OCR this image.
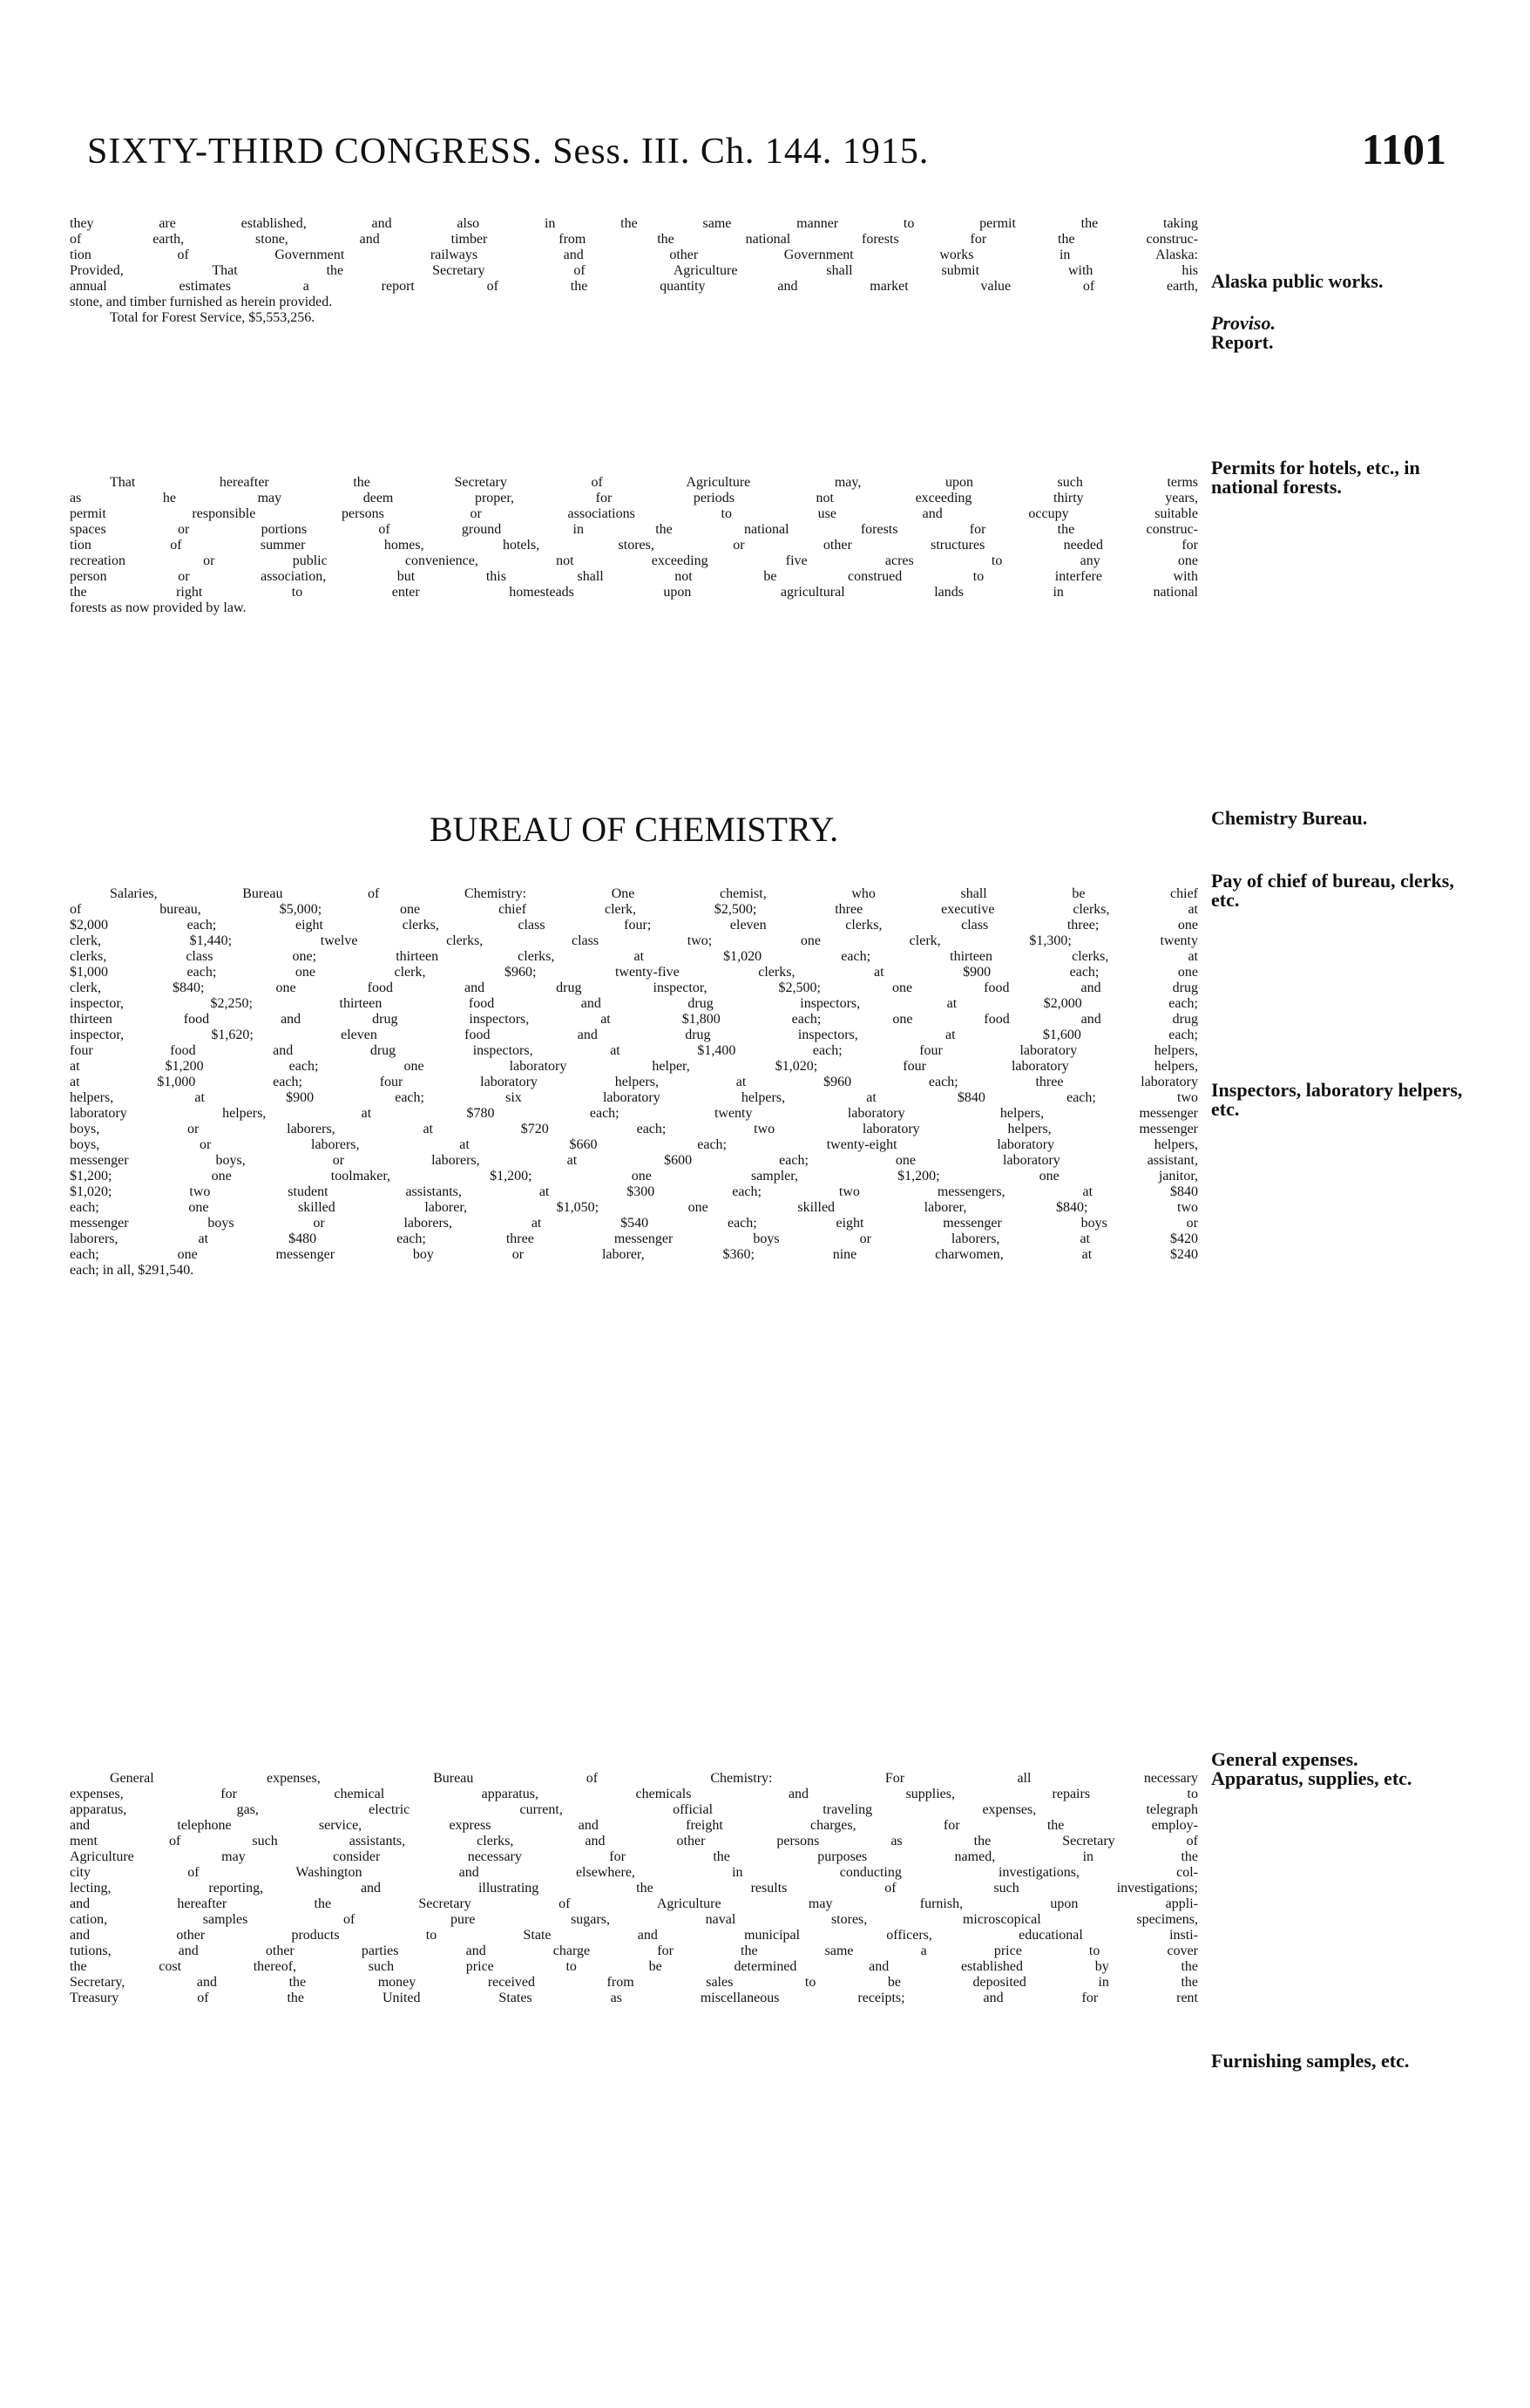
SIXTY-THIRD CONGRESS. Sess. III. Ch. 144. 1915.	1101

they are established, and also in the same manner to permit the taking

of earth, stone, and timber from the national forests for the construc-

tion of Government railways and other Government works in Alaska:

Provided, That the Secretary of Agriculture shall submit with his

annual estimates a report of the quantity and market value of earth,

stone, and timber furnished as herein provided.

Total for Forest Service, $5,553,256.

That hereafter the Secretary of Agriculture may, upon such terms

as he may deem proper, for periods not exceeding thirty years,

permit responsible persons or associations to use and occupy suitable

spaces or portions of ground in the national forests for the construc-

tion of summer homes, hotels, stores, or other structures needed for

recreation or public convenience, not exceeding five acres to any one

person or association, but this shall not be construed to interfere with

the right to enter homesteads upon agricultural lands in national

forests as now provided by law.

BUREAU OF CHEMISTRY.

Salaries, Bureau of Chemistry: One chemist, who shall be chief

of bureau, $5,000; one chief clerk, $2,500; three executive clerks, at

$2,000 each; eight clerks, class four; eleven clerks, class three; one

clerk, $1,440; twelve clerks, class two; one clerk, $1,300; twenty

clerks, class one; thirteen clerks, at $1,020 each; thirteen clerks, at

$1,000 each; one clerk, $960; twenty-five clerks, at $900 each; one

clerk, $840; one food and drug inspector, $2,500; one food and drug

inspector, $2,250; thirteen food and drug inspectors, at $2,000 each;

thirteen food and drug inspectors, at $1,800 each; one food and drug

inspector, $1,620; eleven food and drug inspectors, at $1,600 each;

four food and drug inspectors, at $1,400 each; four laboratory helpers,

at $1,200 each; one laboratory helper, $1,020; four laboratory helpers,

at $1,000 each; four laboratory helpers, at $960 each; three laboratory

helpers, at $900 each; six laboratory helpers, at $840 each; two

laboratory helpers, at $780 each; twenty laboratory helpers, messenger

boys, or laborers, at $720 each; two laboratory helpers, messenger

boys, or laborers, at $660 each; twenty-eight laboratory helpers,

messenger boys, or laborers, at $600 each; one laboratory assistant,

$1,200; one toolmaker, $1,200; one sampler, $1,200; one janitor,

$1,020; two student assistants, at $300 each; two messengers, at $840

each; one skilled laborer, $1,050; one skilled laborer, $840; two

messenger boys or laborers, at $540 each; eight messenger boys or

laborers, at $480 each; three messenger boys or laborers, at $420

each; one messenger boy or laborer, $360; nine charwomen, at $240

each; in all, $291,540.

General expenses, Bureau of Chemistry: For all necessary

expenses, for chemical apparatus, chemicals and supplies, repairs to

apparatus, gas, electric current, official traveling expenses, telegraph

and telephone service, express and freight charges, for the employ-

ment of such assistants, clerks, and other persons as the Secretary of

Agriculture may consider necessary for the purposes named, in the

city of Washington and elsewhere, in conducting investigations, col-

lecting, reporting, and illustrating the results of such investigations;

and hereafter the Secretary of Agriculture may furnish, upon appli-

cation, samples of pure sugars, naval stores, microscopical specimens,

and other products to State and municipal officers, educational insti-

tutions, and other parties and charge for the same a price to cover

the cost thereof, such price to be determined and established by the

Secretary, and the money received from sales to be deposited in the

Treasury of the United States as miscellaneous receipts; and for rent

Alaska public works.
Proviso.
Report.
Permits for hotels, etc., in national forests.
Chemistry Bureau.
Pay of chief of bureau, clerks, etc.
Inspectors, laboratory helpers, etc.
General expenses.
Apparatus, supplies, etc.
Furnishing samples, etc.
